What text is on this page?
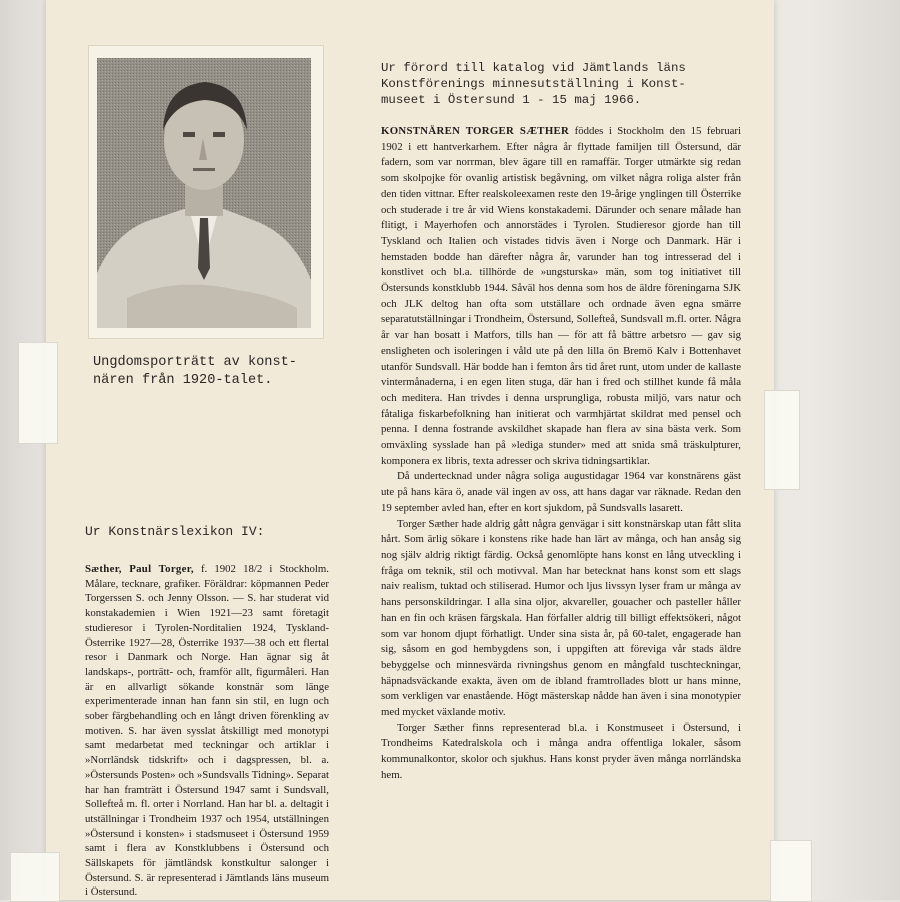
Ungdomsporträtt av konst-
nären från 1920-talet.
Ur Konstnärslexikon IV:
Sæther, Paul Torger, f. 1902 18/2 i Stockholm. Målare, tecknare, grafiker. Föräldrar: köpmannen Peder Torgerssen S. och Jenny Olsson. — S. har studerat vid konstakademien i Wien 1921—23 samt företagit studieresor i Tyrolen-Norditalien 1924, Tyskland-Österrike 1927—28, Österrike 1937—38 och ett flertal resor i Danmark och Norge. Han ägnar sig åt landskaps-, porträtt- och, framför allt, figurmåleri. Han är en allvarligt sökande konstnär som länge experimenterade innan han fann sin stil, en lugn och sober färgbehandling och en långt driven förenkling av motiven. S. har även sysslat åtskilligt med monotypi samt medarbetat med teckningar och artiklar i »Norrländsk tidskrift» och i dagspressen, bl. a. »Östersunds Posten» och »Sundsvalls Tidning». Separat har han framträtt i Östersund 1947 samt i Sundsvall, Sollefteå m. fl. orter i Norrland. Han har bl. a. deltagit i utställningar i Trondheim 1937 och 1954, utställningen »Östersund i konsten» i stadsmuseet i Östersund 1959 samt i flera av Konstklubbens i Östersund och Sällskapets för jämtländsk konstkultur salonger i Östersund. S. är representerad i Jämtlands läns museum i Östersund.
Ur förord till katalog vid Jämtlands läns
Konstförenings minnesutställning i Konst-
museet i Östersund 1 - 15 maj 1966.

KONSTNÄREN TORGER SÆTHER föddes i Stockholm den 15 februari 1902 i ett hantverkarhem. Efter några år flyttade familjen till Östersund, där fadern, som var norrman, blev ägare till en ramaffär. Torger utmärkte sig redan som skolpojke för ovanlig artistisk begåvning, om vilket några roliga alster från den tiden vittnar. Efter realskoleexamen reste den 19-årige ynglingen till Österrike och studerade i tre år vid Wiens konstakademi. Därunder och senare målade han flitigt, i Mayerhofen och annorstädes i Tyrolen. Studieresor gjorde han till Tyskland och Italien och vistades tidvis även i Norge och Danmark. Här i hemstaden bodde han därefter några år, varunder han tog intresserad del i konstlivet och bl.a. tillhörde de »ungsturska» män, som tog initiativet till Östersunds konstklubb 1944. Såväl hos denna som hos de äldre föreningarna SJK och JLK deltog han ofta som utställare och ordnade även egna smärre separatutställningar i Trondheim, Östersund, Sollefteå, Sundsvall m.fl. orter. Några år var han bosatt i Matfors, tills han — för att få bättre arbetsro — gav sig ensligheten och isoleringen i våld ute på den lilla ön Bremö Kalv i Bottenhavet utanför Sundsvall. Här bodde han i femton års tid året runt, utom under de kallaste vintermånaderna, i en egen liten stuga, där han i fred och stillhet kunde få måla och meditera. Han trivdes i denna ursprungliga, robusta miljö, vars natur och fåtaliga fiskarbefolkning han initierat och varmhjärtat skildrat med pensel och penna. I denna fostrande avskildhet skapade han flera av sina bästa verk. Som omväxling sysslade han på »lediga stunder» med att snida små träskulpturer, komponera ex libris, texta adresser och skriva tidningsartiklar.

Då undertecknad under några soliga augustidagar 1964 var konstnärens gäst ute på hans kära ö, anade väl ingen av oss, att hans dagar var räknade. Redan den 19 september avled han, efter en kort sjukdom, på Sundsvalls lasarett.

Torger Sæther hade aldrig gått några genvägar i sitt konstnärskap utan fått slita hårt. Som ärlig sökare i konstens rike hade han lärt av många, och han ansåg sig nog själv aldrig riktigt färdig. Också genomlöpte hans konst en lång utveckling i fråga om teknik, stil och motivval. Man har betecknat hans konst som ett slags naiv realism, tuktad och stiliserad. Humor och ljus livssyn lyser fram ur många av hans personskildringar. I alla sina oljor, akvareller, gouacher och pasteller håller han en fin och kräsen färgskala. Han förfaller aldrig till billigt effektsökeri, något som var honom djupt förhatligt. Under sina sista år, på 60-talet, engagerade han sig, såsom en god hembygdens son, i uppgiften att föreviga vår stads äldre bebyggelse och minnesvärda rivningshus genom en mångfald tuschteckningar, häpnadsväckande exakta, även om de ibland framtrollades blott ur hans minne, som verkligen var enastående. Högt mästerskap nådde han även i sina monotypier med mycket växlande motiv.

Torger Sæther finns representerad bl.a. i Konstmuseet i Östersund, i Trondheims Katedralskola och i många andra offentliga lokaler, såsom kommunalkontor, skolor och sjukhus. Hans konst pryder även många norrländska hem.
